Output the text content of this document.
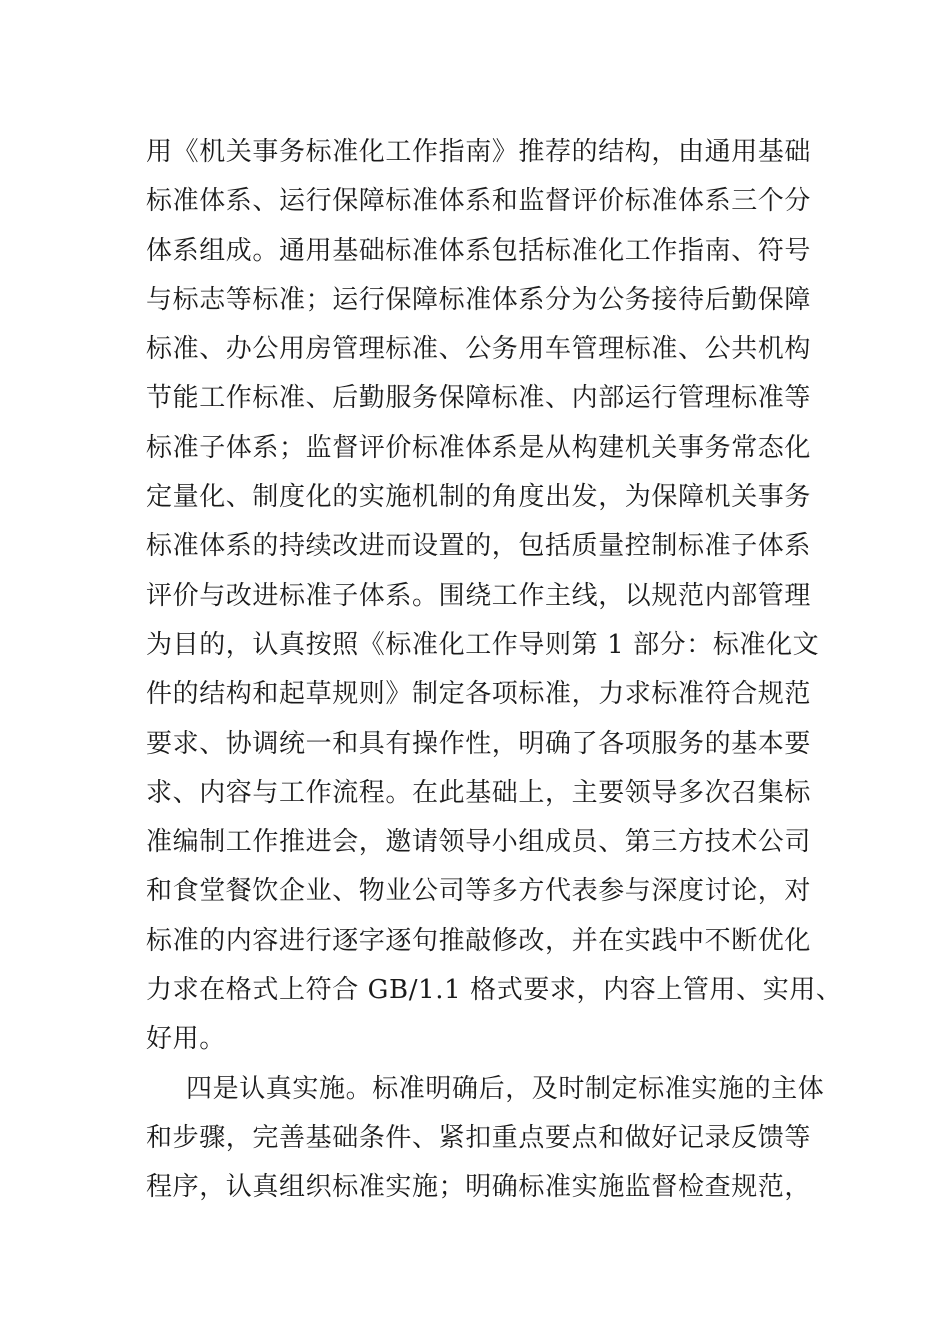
用《机关事务标准化工作指南》推荐的结构，由通用基础
标准体系、运行保障标准体系和监督评价标准体系三个分
体系组成。通用基础标准体系包括标准化工作指南、符号
与标志等标准；运行保障标准体系分为公务接待后勤保障
标准、办公用房管理标准、公务用车管理标准、公共机构
节能工作标准、后勤服务保障标准、内部运行管理标准等
标准子体系；监督评价标准体系是从构建机关事务常态化
定量化、制度化的实施机制的角度出发，为保障机关事务
标准体系的持续改进而设置的，包括质量控制标准子体系
评价与改进标准子体系。围绕工作主线，以规范内部管理
为目的，认真按照《标准化工作导则第 1 部分：标准化文
件的结构和起草规则》制定各项标准，力求标准符合规范
要求、协调统一和具有操作性，明确了各项服务的基本要
求、内容与工作流程。在此基础上，主要领导多次召集标
准编制工作推进会，邀请领导小组成员、第三方技术公司
和食堂餐饮企业、物业公司等多方代表参与深度讨论，对
标准的内容进行逐字逐句推敲修改，并在实践中不断优化
力求在格式上符合 GB/1.1 格式要求，内容上管用、实用、
好用。
四是认真实施。标准明确后，及时制定标准实施的主体
和步骤，完善基础条件、紧扣重点要点和做好记录反馈等
程序，认真组织标准实施；明确标准实施监督检查规范，
